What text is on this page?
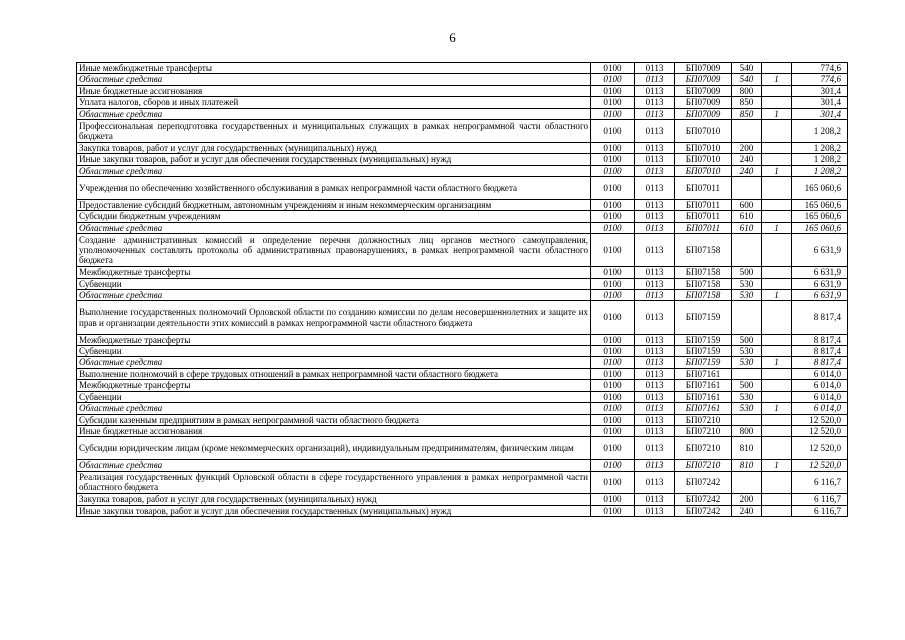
6
Иные межбюджетные трансферты	0100	0113	БП07009	540		774,6
Областные средства	0100	0113	БП07009	540	1	774,6
Иные бюджетные ассигнования	0100	0113	БП07009	800		301,4
Уплата налогов, сборов и иных платежей	0100	0113	БП07009	850		301,4
Областные средства	0100	0113	БП07009	850	1	301,4
Профессиональная переподготовка государственных и муниципальных служащих в рамках непрограммной части областного бюджета	0100	0113	БП07010			1 208,2
Закупка товаров, работ и услуг для государственных (муниципальных) нужд	0100	0113	БП07010	200		1 208,2
Иные закупки товаров, работ и услуг для обеспечения государственных (муниципальных) нужд	0100	0113	БП07010	240		1 208,2
Областные средства	0100	0113	БП07010	240	1	1 208,2
Учреждения по обеспечению хозяйственного обслуживания в рамках непрограммной части областного бюджета	0100	0113	БП07011			165 060,6
Предоставление субсидий бюджетным, автономным учреждениям и иным некоммерческим организациям	0100	0113	БП07011	600		165 060,6
Субсидии бюджетным учреждениям	0100	0113	БП07011	610		165 060,6
Областные средства	0100	0113	БП07011	610	1	165 060,6
Создание административных комиссий и определение перечня должностных лиц органов местного самоуправления, уполномоченных составлять протоколы об административных правонарушениях, в рамках непрограммной части областного бюджета	0100	0113	БП07158			6 631,9
Межбюджетные трансферты	0100	0113	БП07158	500		6 631,9
Субвенции	0100	0113	БП07158	530		6 631,9
Областные средства	0100	0113	БП07158	530	1	6 631,9
Выполнение государственных полномочий Орловской области по созданию комиссии по делам несовершеннолетних и защите их прав и организации деятельности этих комиссий в рамках непрограммной части областного бюджета	0100	0113	БП07159			8 817,4
Межбюджетные трансферты	0100	0113	БП07159	500		8 817,4
Субвенции	0100	0113	БП07159	530		8 817,4
Областные средства	0100	0113	БП07159	530	1	8 817,4
Выполнение полномочий в сфере трудовых отношений в рамках непрограммной части областного бюджета	0100	0113	БП07161			6 014,0
Межбюджетные трансферты	0100	0113	БП07161	500		6 014,0
Субвенции	0100	0113	БП07161	530		6 014,0
Областные средства	0100	0113	БП07161	530	1	6 014,0
Субсидии казенным предприятиям в рамках непрограммной части областного бюджета	0100	0113	БП07210			12 520,0
Иные бюджетные ассигнования	0100	0113	БП07210	800		12 520,0
Субсидии юридическим лицам (кроме некоммерческих организаций), индивидуальным предпринимателям, физическим лицам	0100	0113	БП07210	810		12 520,0
Областные средства	0100	0113	БП07210	810	1	12 520,0
Реализация государственных функций Орловской области в сфере государственного управления в рамках непрограммной части областного бюджета	0100	0113	БП07242			6 116,7
Закупка товаров, работ и услуг для государственных (муниципальных) нужд	0100	0113	БП07242	200		6 116,7
Иные закупки товаров, работ и услуг для обеспечения государственных (муниципальных) нужд	0100	0113	БП07242	240		6 116,7
